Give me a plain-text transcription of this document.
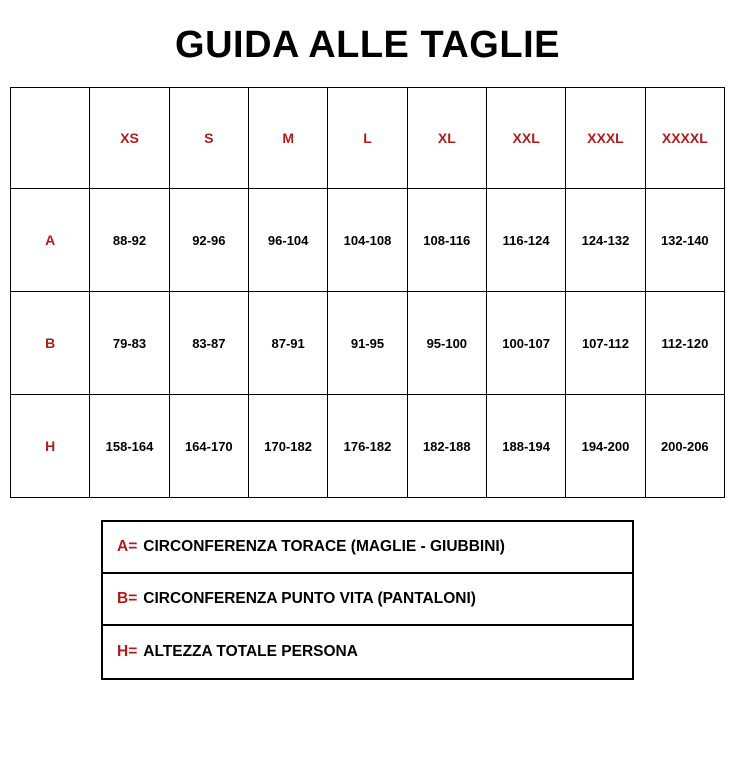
GUIDA ALLE TAGLIE
	XS	S	M	L	XL	XXL	XXXL	XXXXL
A	88-92	92-96	96-104	104-108	108-116	116-124	124-132	132-140
B	79-83	83-87	87-91	91-95	95-100	100-107	107-112	112-120
H	158-164	164-170	170-182	176-182	182-188	188-194	194-200	200-206
A= CIRCONFERENZA TORACE (MAGLIE - GIUBBINI)
B= CIRCONFERENZA PUNTO VITA (PANTALONI)
H= ALTEZZA TOTALE PERSONA
